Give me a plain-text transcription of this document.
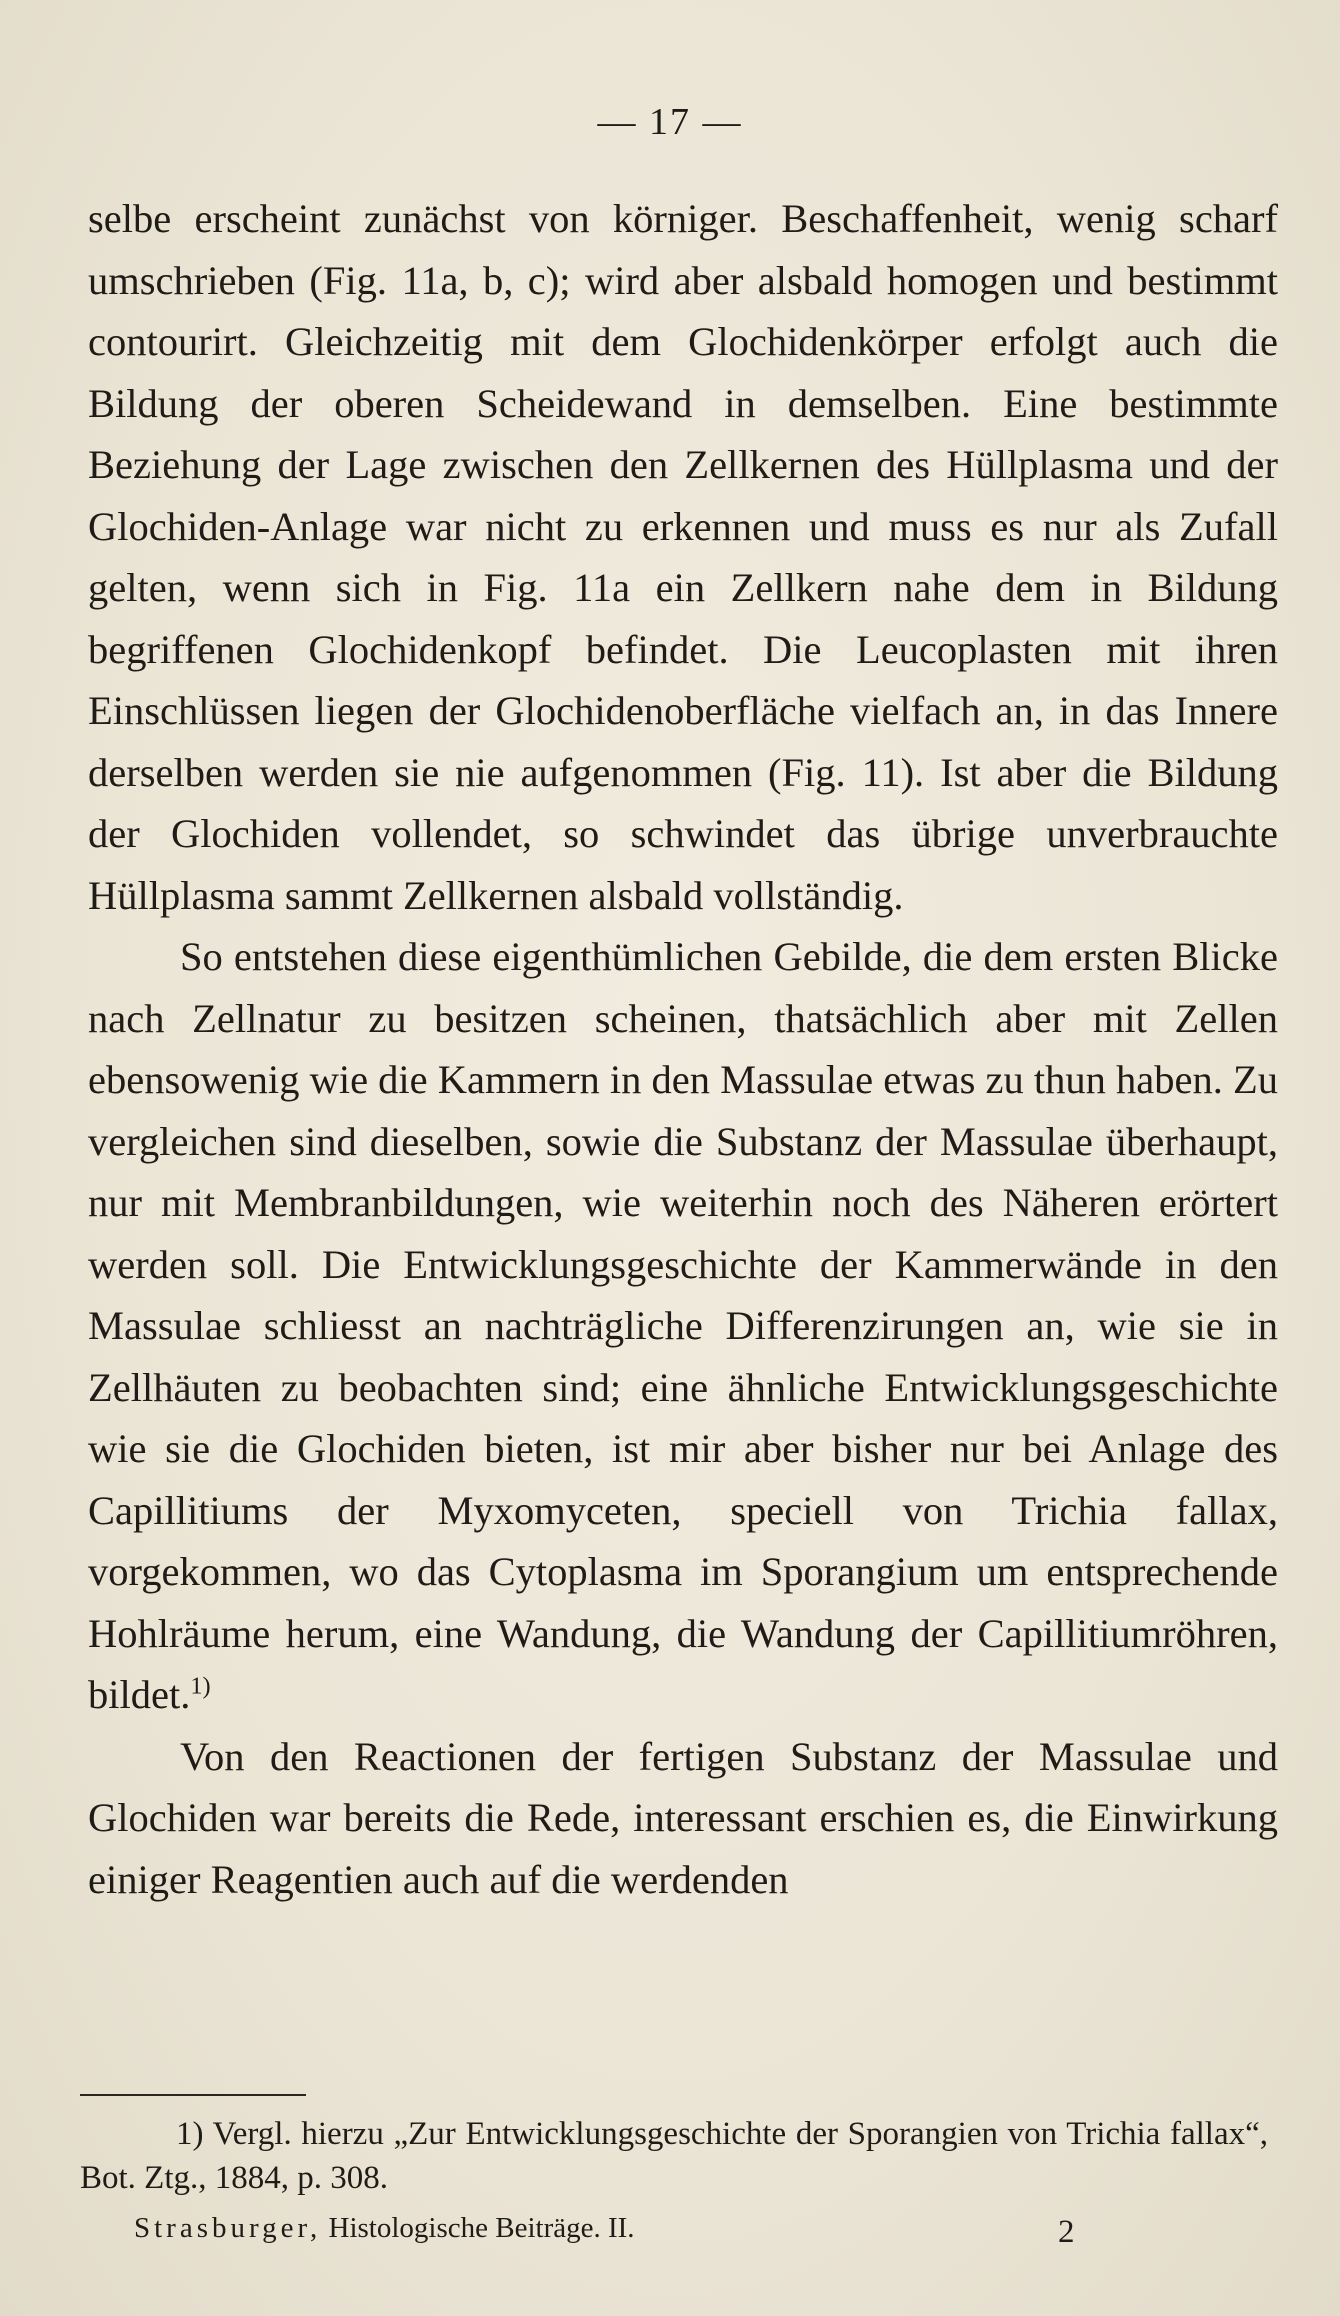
— 17 —

selbe erscheint zunächst von körniger. Beschaffenheit, wenig scharf umschrieben (Fig. 11a, b, c); wird aber alsbald homogen und bestimmt contourirt. Gleichzeitig mit dem Glochidenkörper erfolgt auch die Bildung der oberen Scheidewand in demselben. Eine bestimmte Beziehung der Lage zwischen den Zellkernen des Hüllplasma und der Glochiden-Anlage war nicht zu erkennen und muss es nur als Zufall gelten, wenn sich in Fig. 11a ein Zellkern nahe dem in Bildung begriffenen Glochidenkopf befindet. Die Leucoplasten mit ihren Einschlüssen liegen der Glochidenoberfläche vielfach an, in das Innere derselben werden sie nie aufgenommen (Fig. 11). Ist aber die Bildung der Glochiden vollendet, so schwindet das übrige unverbrauchte Hüllplasma sammt Zellkernen alsbald vollständig.

So entstehen diese eigenthümlichen Gebilde, die dem ersten Blicke nach Zellnatur zu besitzen scheinen, thatsächlich aber mit Zellen ebensowenig wie die Kammern in den Massulae etwas zu thun haben. Zu vergleichen sind dieselben, sowie die Substanz der Massulae überhaupt, nur mit Membranbildungen, wie weiterhin noch des Näheren erörtert werden soll. Die Entwicklungsgeschichte der Kammerwände in den Massulae schliesst an nachträgliche Differenzirungen an, wie sie in Zellhäuten zu beobachten sind; eine ähnliche Entwicklungsgeschichte wie sie die Glochiden bieten, ist mir aber bisher nur bei Anlage des Capillitiums der Myxomyceten, speciell von Trichia fallax, vorgekommen, wo das Cytoplasma im Sporangium um entsprechende Hohlräume herum, eine Wandung, die Wandung der Capillitiumröhren, bildet.$^{1)}$

Von den Reactionen der fertigen Substanz der Massulae und Glochiden war bereits die Rede, interessant erschien es, die Einwirkung einiger Reagentien auch auf die werdenden

1) Vergl. hierzu „Zur Entwicklungsgeschichte der Sporangien von Trichia fallax“, Bot. Ztg., 1884, p. 308.
Strasburger, Histologische Beiträge. II.	2
